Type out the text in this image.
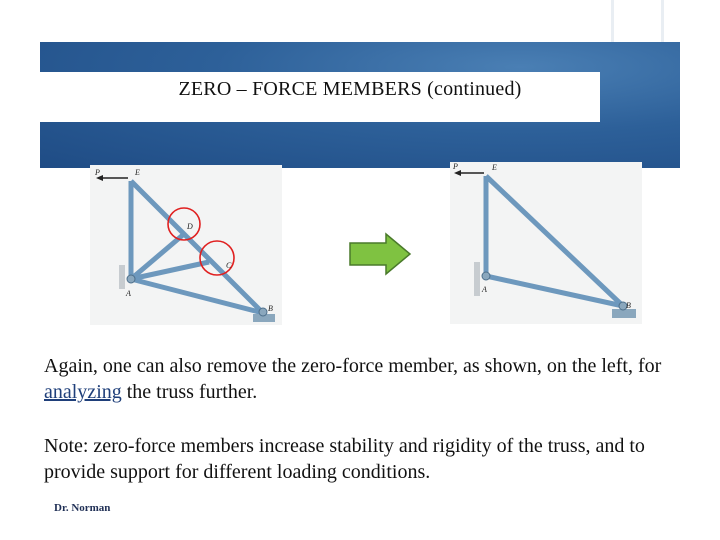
ZERO – FORCE MEMBERS (continued)
P	E
D
C
A
B
P	E
A
B
Again, one can also remove the zero-force member, as shown, on the left, for analyzing the truss further.
Note: zero-force members increase stability and rigidity of the truss, and to provide support for different loading conditions.
Dr. Norman
